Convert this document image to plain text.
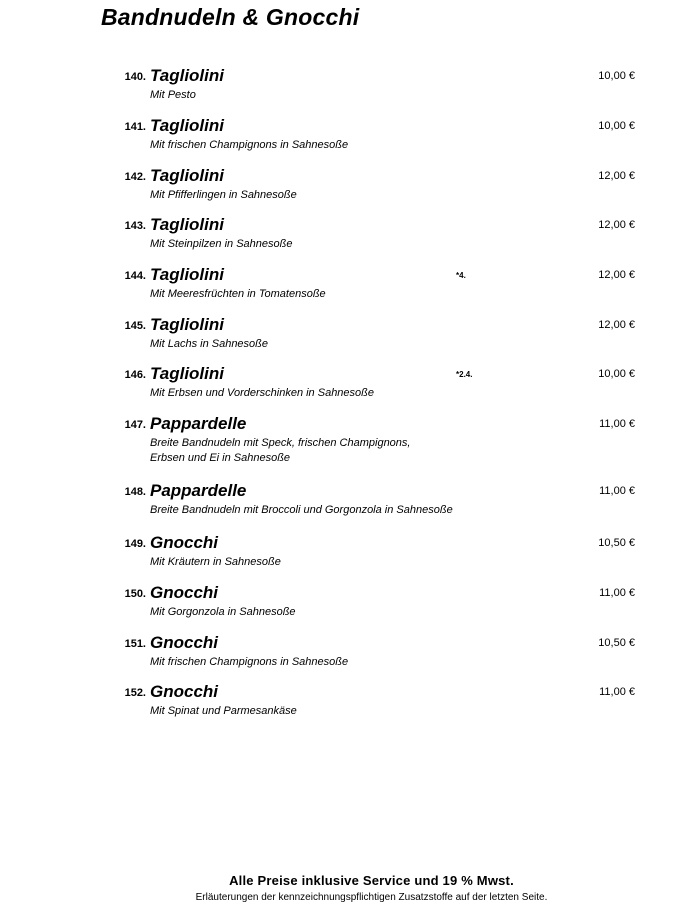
Bandnudeln & Gnocchi
140. Tagliolini	10,00 €
Mit Pesto
141. Tagliolini	10,00 €
Mit frischen Champignons in Sahnesoße
142. Tagliolini	12,00 €
Mit Pfifferlingen in Sahnesoße
143. Tagliolini	12,00 €
Mit Steinpilzen in Sahnesoße
144. Tagliolini	*4.	12,00 €
Mit Meeresfrüchten in Tomatensoße
145. Tagliolini	12,00 €
Mit Lachs in Sahnesoße
146. Tagliolini	*2.4.	10,00 €
Mit Erbsen und Vorderschinken in Sahnesoße
147. Pappardelle	11,00 €
Breite Bandnudeln mit Speck, frischen Champignons,
Erbsen und Ei in Sahnesoße
148. Pappardelle	11,00 €
Breite Bandnudeln mit Broccoli und Gorgonzola in Sahnesoße
149. Gnocchi	10,50 €
Mit Kräutern in Sahnesoße
150. Gnocchi	11,00 €
Mit Gorgonzola in Sahnesoße
151. Gnocchi	10,50 €
Mit frischen Champignons in Sahnesoße
152. Gnocchi	11,00 €
Mit Spinat und Parmesankäse
Alle Preise inklusive Service und 19 % Mwst.
Erläuterungen der kennzeichnungspflichtigen Zusatzstoffe auf der letzten Seite.
